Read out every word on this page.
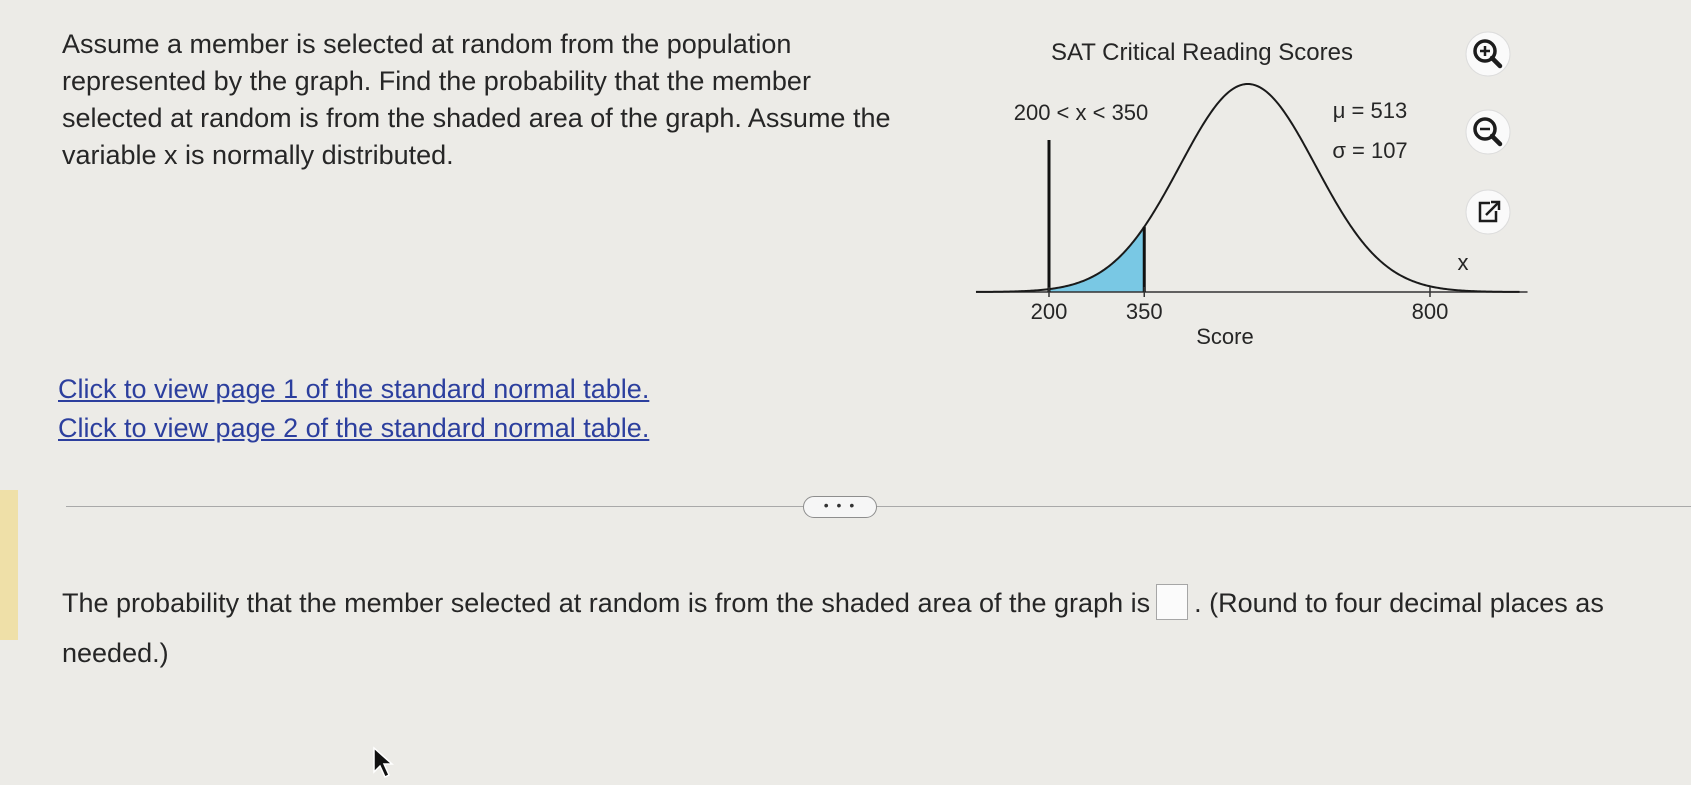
Assume a member is selected at random from the population represented by the graph. Find the probability that the member selected at random is from the shaded area of the graph. Assume the variable x is normally distributed.
SAT Critical Reading Scores
200 < x < 350	μ = 513
σ = 107
200	350	800
x
Score
Click to view page 1 of the standard normal table.
Click to view page 2 of the standard normal table.
• • •
The probability that the member selected at random is from the shaded area of the graph is . (Round to four decimal places as needed.)
